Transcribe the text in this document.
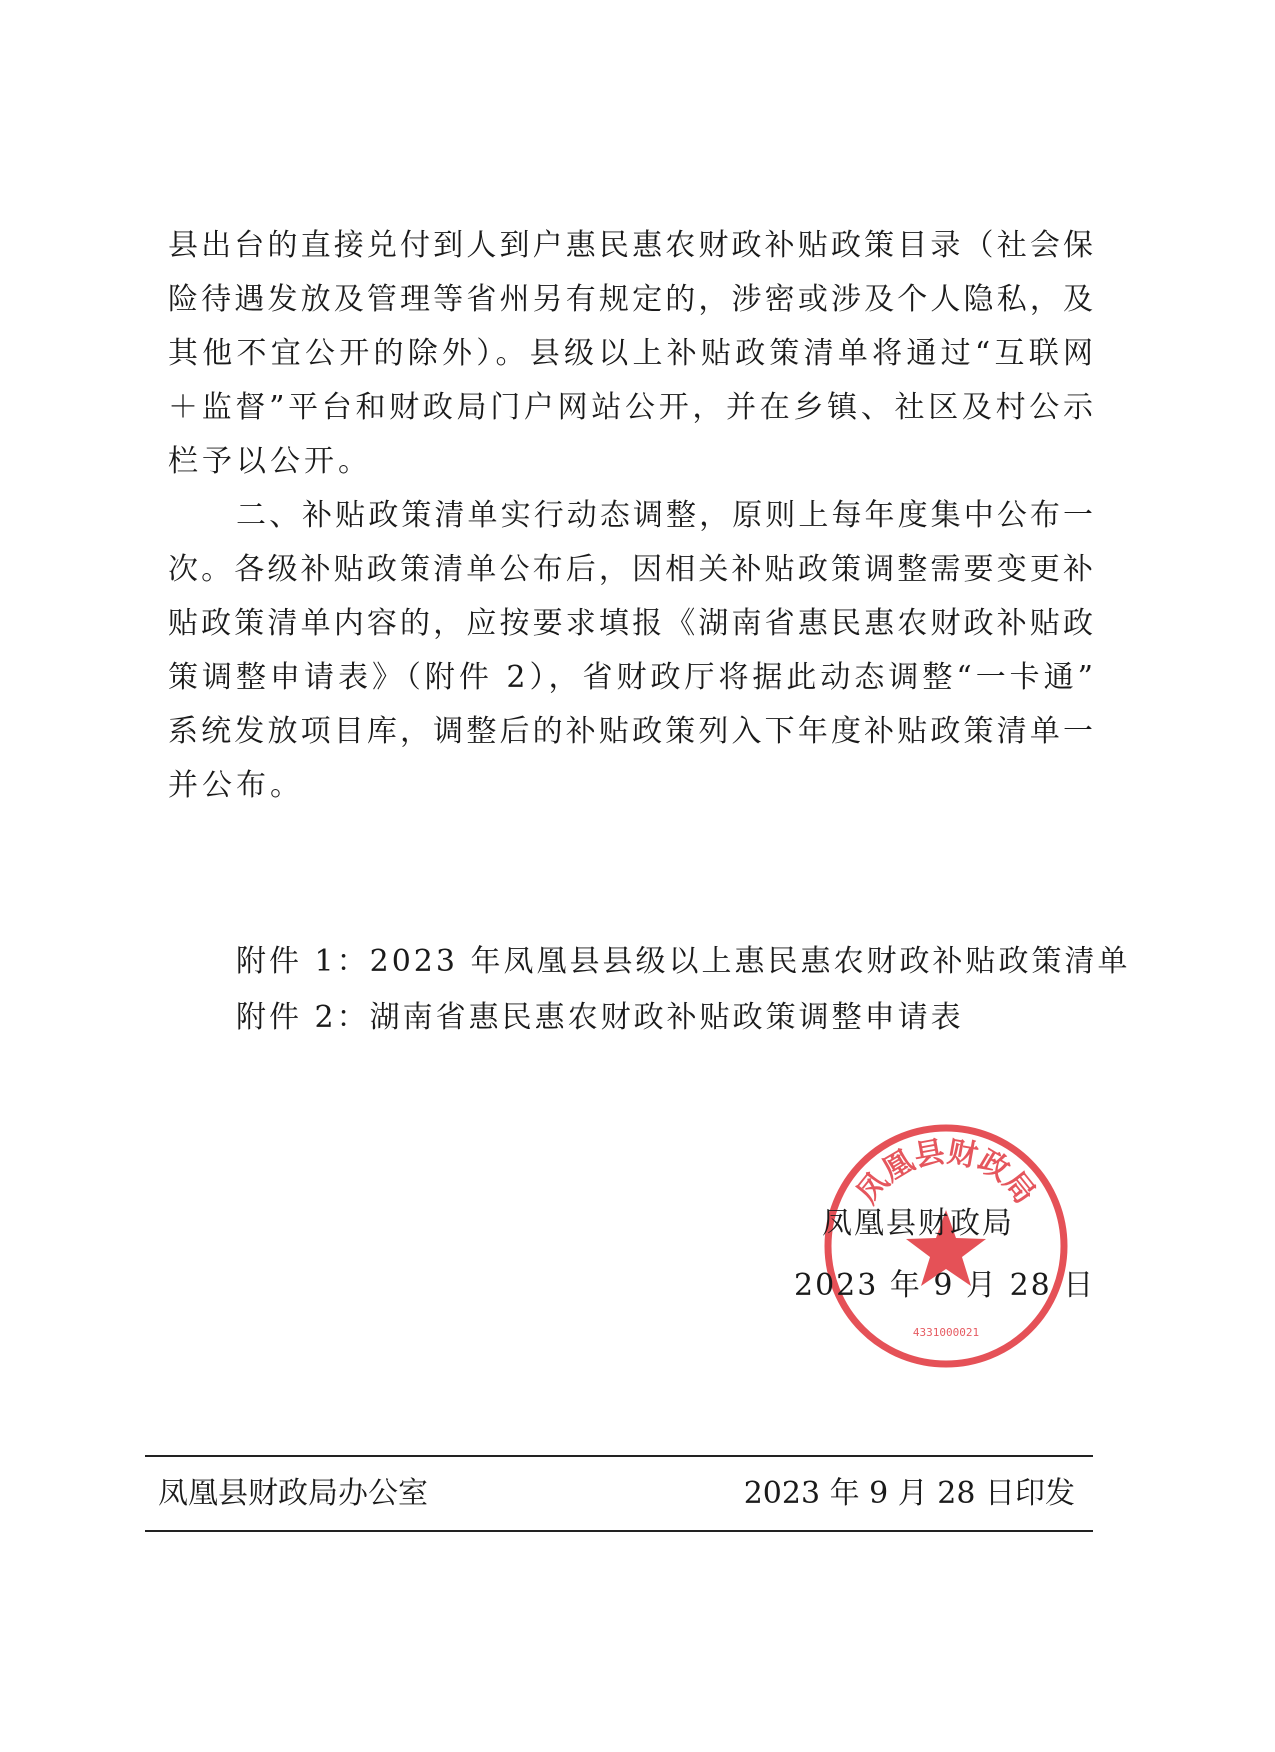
县出台的直接兑付到人到户惠民惠农财政补贴政策目录（社会保
险待遇发放及管理等省州另有规定的，涉密或涉及个人隐私，及
其他不宜公开的除外）。县级以上补贴政策清单将通过“互联网
＋监督”平台和财政局门户网站公开，并在乡镇、社区及村公示
栏予以公开。
二、补贴政策清单实行动态调整，原则上每年度集中公布一
次。各级补贴政策清单公布后，因相关补贴政策调整需要变更补
贴政策清单内容的，应按要求填报《湖南省惠民惠农财政补贴政
策调整申请表》（附件 2），省财政厅将据此动态调整“一卡通”
系统发放项目库，调整后的补贴政策列入下年度补贴政策清单一
并公布。
附件 1：2023 年凤凰县县级以上惠民惠农财政补贴政策清单
附件 2：湖南省惠民惠农财政补贴政策调整申请表
凤凰县财政局
4331000021
凤凰县财政局
2023 年 9 月 28 日
凤凰县财政局办公室	2023 年 9 月 28 日印发
